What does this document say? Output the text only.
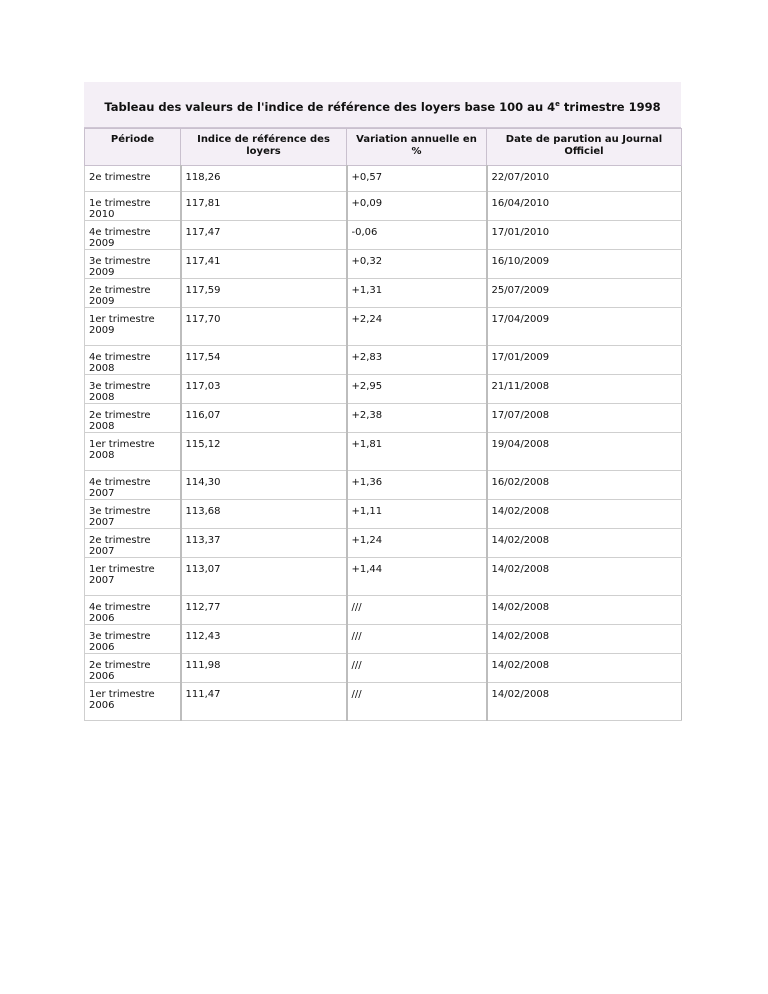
Tableau des valeurs de l'indice de référence des loyers base 100 au 4e trimestre 1998
Période	Indice de référence des loyers	Variation annuelle en %	Date de parution au Journal Officiel
2e trimestre	118,26	+0,57	22/07/2010
1e trimestre 2010	117,81	+0,09	16/04/2010
4e trimestre 2009	117,47	-0,06	17/01/2010
3e trimestre 2009	117,41	+0,32	16/10/2009
2e trimestre 2009	117,59	+1,31	25/07/2009
1er trimestre 2009	117,70	+2,24	17/04/2009
4e trimestre 2008	117,54	+2,83	17/01/2009
3e trimestre 2008	117,03	+2,95	21/11/2008
2e trimestre 2008	116,07	+2,38	17/07/2008
1er trimestre 2008	115,12	+1,81	19/04/2008
4e trimestre 2007	114,30	+1,36	16/02/2008
3e trimestre 2007	113,68	+1,11	14/02/2008
2e trimestre 2007	113,37	+1,24	14/02/2008
1er trimestre 2007	113,07	+1,44	14/02/2008
4e trimestre 2006	112,77	///	14/02/2008
3e trimestre 2006	112,43	///	14/02/2008
2e trimestre 2006	111,98	///	14/02/2008
1er trimestre 2006	111,47	///	14/02/2008
